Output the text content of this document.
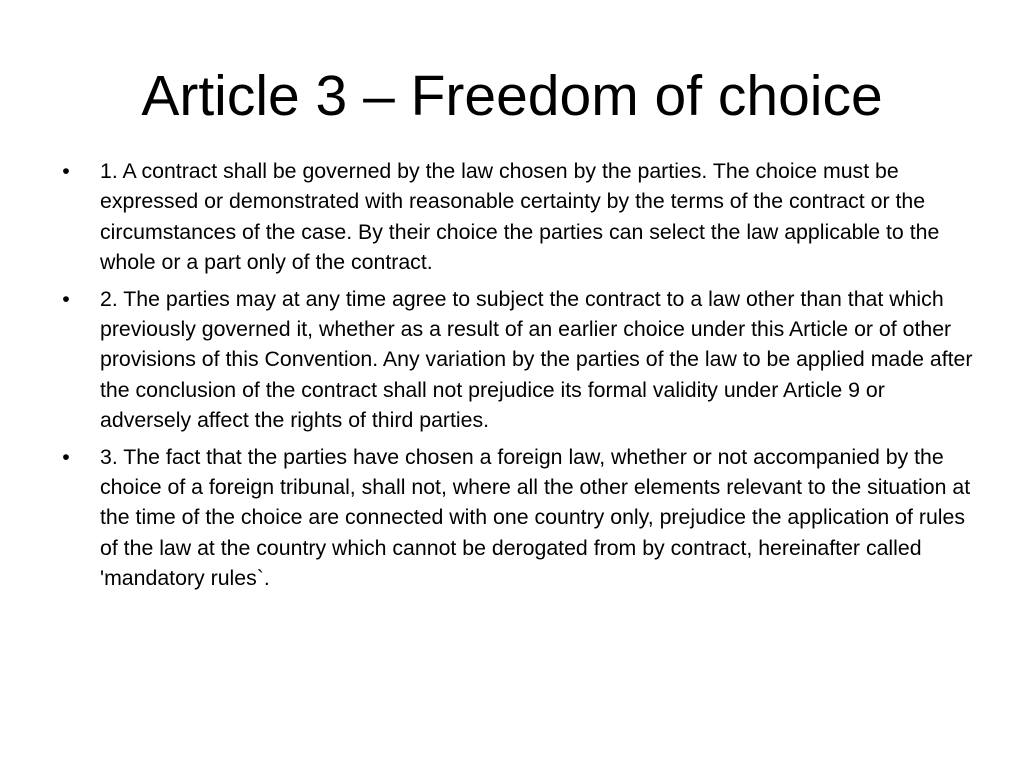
Article 3 – Freedom of choice
• 1. A contract shall be governed by the law chosen by the parties. The choice must be expressed or demonstrated with reasonable certainty by the terms of the contract or the circumstances of the case. By their choice the parties can select the law applicable to the whole or a part only of the contract.
• 2. The parties may at any time agree to subject the contract to a law other than that which previously governed it, whether as a result of an earlier choice under this Article or of other provisions of this Convention. Any variation by the parties of the law to be applied made after the conclusion of the contract shall not prejudice its formal validity under Article 9 or adversely affect the rights of third parties.
• 3. The fact that the parties have chosen a foreign law, whether or not accompanied by the choice of a foreign tribunal, shall not, where all the other elements relevant to the situation at the time of the choice are connected with one country only, prejudice the application of rules of the law at the country which cannot be derogated from by contract, hereinafter called 'mandatory rules`.
